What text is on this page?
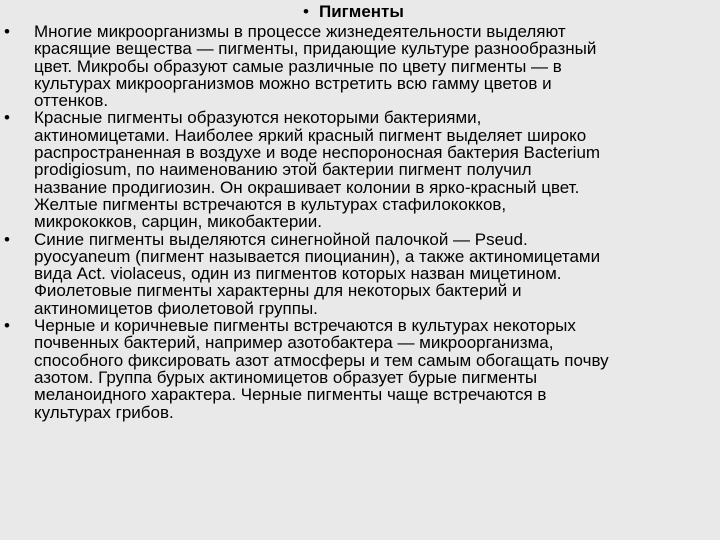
• Пигменты
• Многие микроорганизмы в процессе жизнедеятельности выделяют
красящие вещества — пигменты, придающие культуре разнообразный
цвет. Микробы образуют самые различные по цвету пигменты — в
культурах микроорганизмов можно встретить всю гамму цветов и
оттенков.
• Красные пигменты образуются некоторыми бактериями,
актиномицетами. Наиболее яркий красный пигмент выделяет широко
распространенная в воздухе и воде неспороносная бактерия Bacterium
prodigiosum, по наименованию этой бактерии пигмент получил
название продигиозин. Он окрашивает колонии в ярко-красный цвет.
Желтые пигменты встречаются в культурах стафилококков,
микрококков, сарцин, микобактерии.
• Синие пигменты выделяются синегнойной палочкой — Pseud.
pyocyaneum (пигмент называется пиоцианин), а также актиномицетами
вида Act. violaceus, один из пигментов которых назван мицетином.
Фиолетовые пигменты характерны для некоторых бактерий и
актиномицетов фиолетовой группы.
• Черные и коричневые пигменты встречаются в культурах некоторых
почвенных бактерий, например азотобактера — микроорганизма,
способного фиксировать азот атмосферы и тем самым обогащать почву
азотом. Группа бурых актиномицетов образует бурые пигменты
меланоидного характера. Черные пигменты чаще встречаются в
культурах грибов.
